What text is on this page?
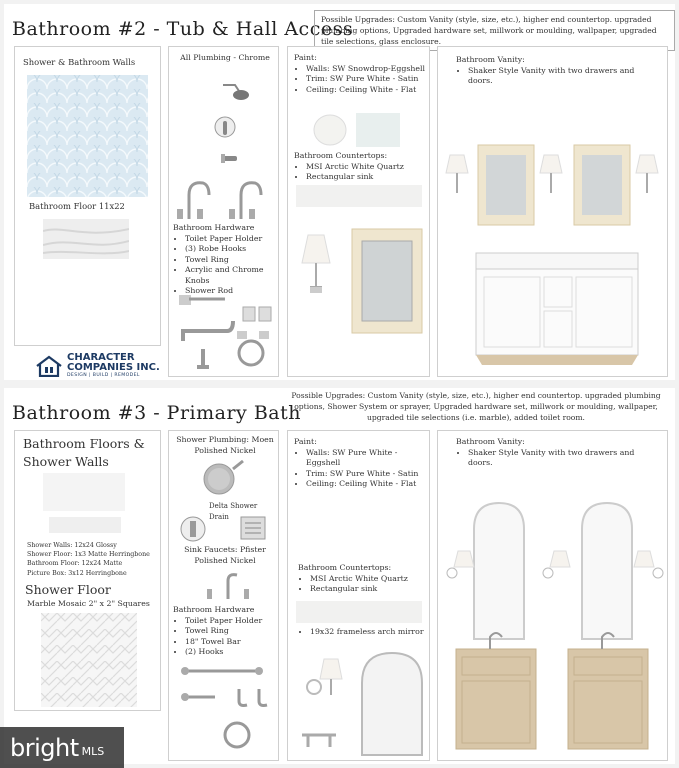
Bathroom #2 - Tub & Hall Access
Possible Upgrades: Custom Vanity (style, size, etc.), higher end countertop. upgraded plumbing options, Upgraded hardware set, millwork or moulding, wallpaper, upgraded tile selections, glass enclosure.
Shower & Bathroom Walls
Bathroom Floor 11x22
CHARACTER
COMPANIES INC.
DESIGN | BUILD | REMODEL
All Plumbing - Chrome
Bathroom Hardware
• Toilet Paper Holder
• (3) Robe Hooks
• Towel Ring
• Acrylic and Chrome Knobs
• Shower Rod
Paint:
• Walls: SW Snowdrop-Eggshell
• Trim: SW Pure White - Satin
• Ceiling: Ceiling White - Flat
Bathroom Countertops:
• MSI Arctic White Quartz
• Rectangular sink
Bathroom Vanity:
• Shaker Style Vanity with two drawers and doors.
Bathroom #3 - Primary Bath
Possible Upgrades: Custom Vanity (style, size, etc.), higher end countertop. upgraded plumbing options, Shower System or sprayer, Upgraded hardware set, millwork or moulding, wallpaper, upgraded tile selections (i.e. marble), added toilet room.
Bathroom Floors & Shower Walls
Shower Walls: 12x24 Glossy
Shower Floor: 1x3 Matte Herringbone
Bathroom Floor: 12x24 Matte
Picture Box: 3x12 Herringbone
Shower Floor
Marble Mosaic 2" x 2" Squares
Shower Plumbing: Moen Polished Nickel
Delta Shower Drain
Sink Faucets: Pfister Polished Nickel
Bathroom Hardware
• Toilet Paper Holder
• Towel Ring
• 18" Towel Bar
• (2) Hooks
Paint:
• Walls: SW Pure White - Eggshell
• Trim: SW Pure White - Satin
• Ceiling: Ceiling White - Flat
Bathroom Countertops:
• MSI Arctic White Quartz
• Rectangular sink
• 19x32 frameless arch mirror
Bathroom Vanity:
• Shaker Style Vanity with two drawers and doors.
bright MLS
